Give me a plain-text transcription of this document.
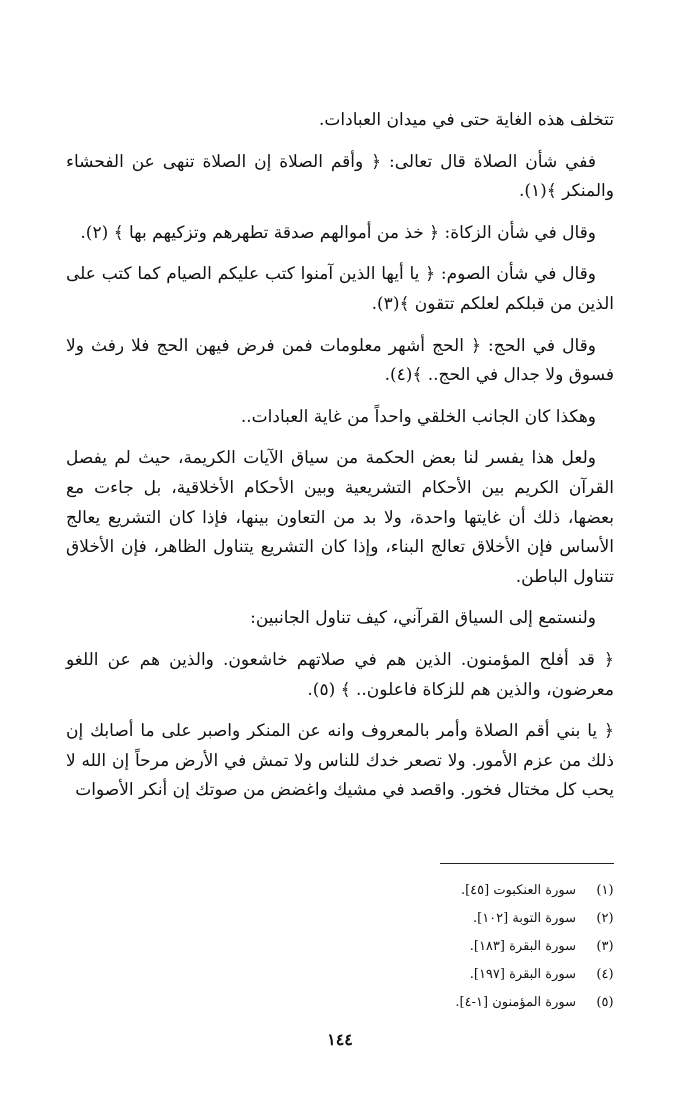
تتخلف هذه الغاية حتى في ميدان العبادات.

ففي شأن الصلاة قال تعالى: ﴿ وأقم الصلاة إن الصلاة تنهى عن الفحشاء والمنكر ﴾(١).

وقال في شأن الزكاة: ﴿ خذ من أموالهم صدقة تطهرهم وتزكيهم بها ﴾ (٢).

وقال في شأن الصوم: ﴿ يا أيها الذين آمنوا كتب عليكم الصيام كما كتب على الذين من قبلكم لعلكم تتقون ﴾(٣).

وقال في الحج: ﴿ الحج أشهر معلومات فمن فرض فيهن الحج فلا رفث ولا فسوق ولا جدال في الحج.. ﴾(٤).

وهكذا كان الجانب الخلقي واحداً من غاية العبادات..

ولعل هذا يفسر لنا بعض الحكمة من سياق الآيات الكريمة، حيث لم يفصل القرآن الكريم بين الأحكام التشريعية وبين الأحكام الأخلاقية، بل جاءت مع بعضها، ذلك أن غايتها واحدة، ولا بد من التعاون بينها، فإذا كان التشريع يعالج الأساس فإن الأخلاق تعالج البناء، وإذا كان التشريع يتناول الظاهر، فإن الأخلاق تتناول الباطن.

ولنستمع إلى السياق القرآني، كيف تناول الجانبين:

﴿ قد أفلح المؤمنون. الذين هم في صلاتهم خاشعون. والذين هم عن اللغو معرضون، والذين هم للزكاة فاعلون.. ﴾ (٥).

﴿ يا بني أقم الصلاة وأمر بالمعروف وانه عن المنكر واصبر على ما أصابك إن ذلك من عزم الأمور. ولا تصعر خدك للناس ولا تمش في الأرض مرحاً إن الله لا يحب كل مختال فخور. واقصد في مشيك واغضض من صوتك إن أنكر الأصوات

(١)
سورة العنكبوت [٤٥].
(٢)
سورة التوبة [١٠٢].
(٣)
سورة البقرة [١٨٣].
(٤)
سورة البقرة [١٩٧].
(٥)
سورة المؤمنون [١-٤].
١٤٤
